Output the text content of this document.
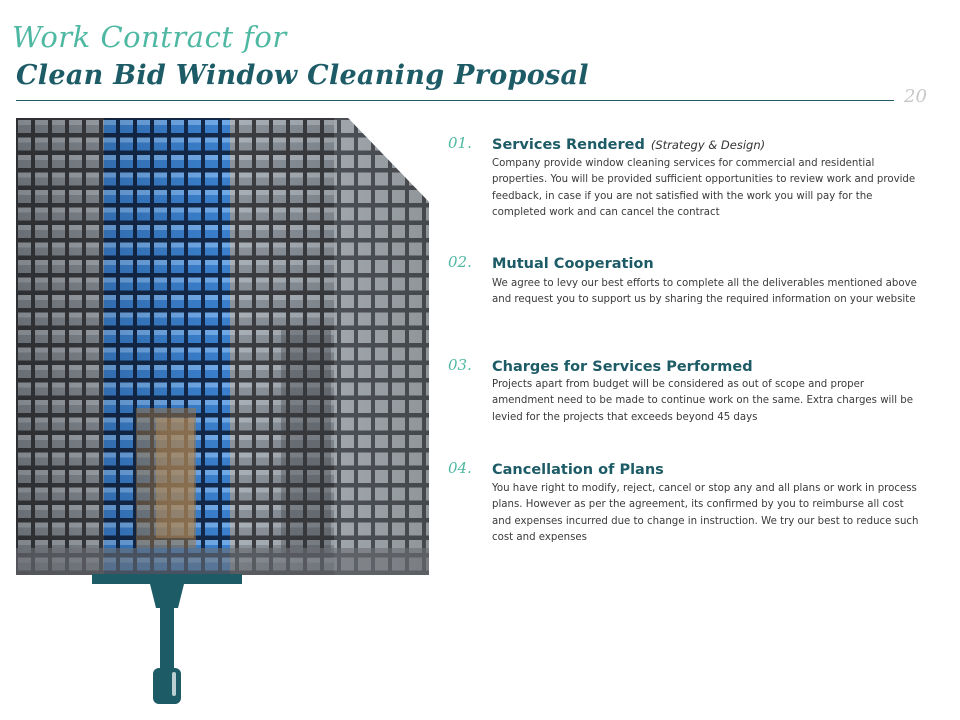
Work Contract for
Clean Bid Window Cleaning Proposal
20
01. Services Rendered (Strategy & Design)
Company provide window cleaning services for commercial and residential properties. You will be provided sufficient opportunities to review work and provide feedback, in case if you are not satisfied with the work you will pay for the completed work and can cancel the contract
02. Mutual Cooperation
We agree to levy our best efforts to complete all the deliverables mentioned above and request you to support us by sharing the required information on your website
03. Charges for Services Performed
Projects apart from budget will be considered as out of scope and proper amendment need to be made to continue work on the same. Extra charges will be levied for the projects that exceeds beyond 45 days
04. Cancellation of Plans
You have right to modify, reject, cancel or stop any and all plans or work in process plans. However as per the agreement, its confirmed by you to reimburse all cost and expenses incurred due to change in instruction. We try our best to reduce such cost and expenses
